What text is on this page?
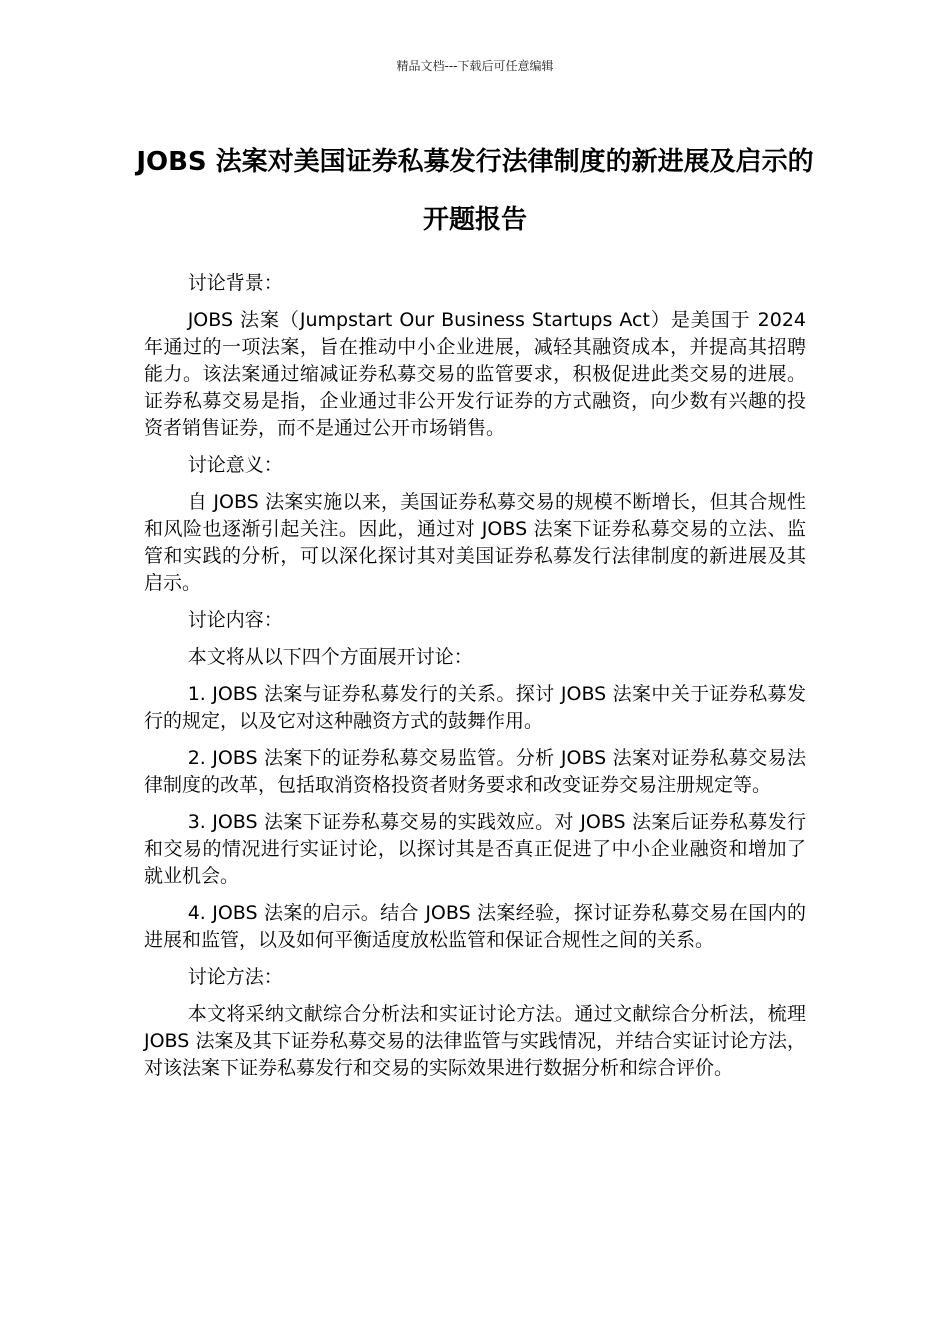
精品文档---下载后可任意编辑
JOBS 法案对美国证券私募发行法律制度的新进展及启示的开题报告

讨论背景：

JOBS 法案（Jumpstart Our Business Startups Act）是美国于 2024 年通过的一项法案，旨在推动中小企业进展，减轻其融资成本，并提高其招聘能力。该法案通过缩减证券私募交易的监管要求，积极促进此类交易的进展。证券私募交易是指，企业通过非公开发行证券的方式融资，向少数有兴趣的投资者销售证券，而不是通过公开市场销售。

讨论意义：

自 JOBS 法案实施以来，美国证券私募交易的规模不断增长，但其合规性和风险也逐渐引起关注。因此，通过对 JOBS 法案下证券私募交易的立法、监管和实践的分析，可以深化探讨其对美国证券私募发行法律制度的新进展及其启示。

讨论内容：

本文将从以下四个方面展开讨论：

1. JOBS 法案与证券私募发行的关系。探讨 JOBS 法案中关于证券私募发行的规定，以及它对这种融资方式的鼓舞作用。

2. JOBS 法案下的证券私募交易监管。分析 JOBS 法案对证券私募交易法律制度的改革，包括取消资格投资者财务要求和改变证券交易注册规定等。

3. JOBS 法案下证券私募交易的实践效应。对 JOBS 法案后证券私募发行和交易的情况进行实证讨论，以探讨其是否真正促进了中小企业融资和增加了就业机会。

4. JOBS 法案的启示。结合 JOBS 法案经验，探讨证券私募交易在国内的进展和监管，以及如何平衡适度放松监管和保证合规性之间的关系。

讨论方法：

本文将采纳文献综合分析法和实证讨论方法。通过文献综合分析法，梳理 JOBS 法案及其下证券私募交易的法律监管与实践情况，并结合实证讨论方法，对该法案下证券私募发行和交易的实际效果进行数据分析和综合评价。
